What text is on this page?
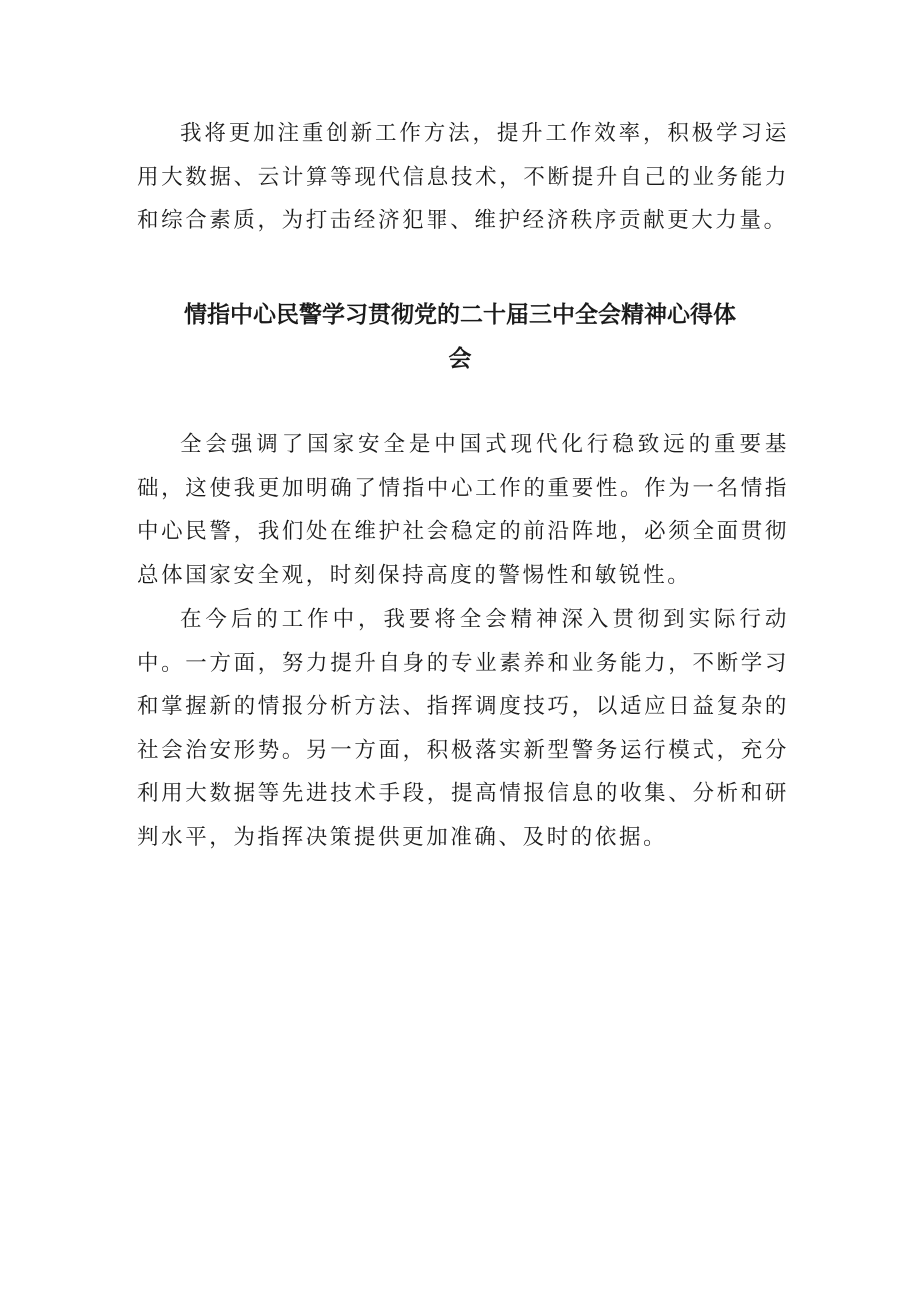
我将更加注重创新工作方法，提升工作效率，积极学习运用大数据、云计算等现代信息技术，不断提升自己的业务能力和综合素质，为打击经济犯罪、维护经济秩序贡献更大力量。

情指中心民警学习贯彻党的二十届三中全会精神心得体会

全会强调了国家安全是中国式现代化行稳致远的重要基础，这使我更加明确了情指中心工作的重要性。作为一名情指中心民警，我们处在维护社会稳定的前沿阵地，必须全面贯彻总体国家安全观，时刻保持高度的警惕性和敏锐性。

在今后的工作中，我要将全会精神深入贯彻到实际行动中。一方面，努力提升自身的专业素养和业务能力，不断学习和掌握新的情报分析方法、指挥调度技巧，以适应日益复杂的社会治安形势。另一方面，积极落实新型警务运行模式，充分利用大数据等先进技术手段，提高情报信息的收集、分析和研判水平，为指挥决策提供更加准确、及时的依据。
